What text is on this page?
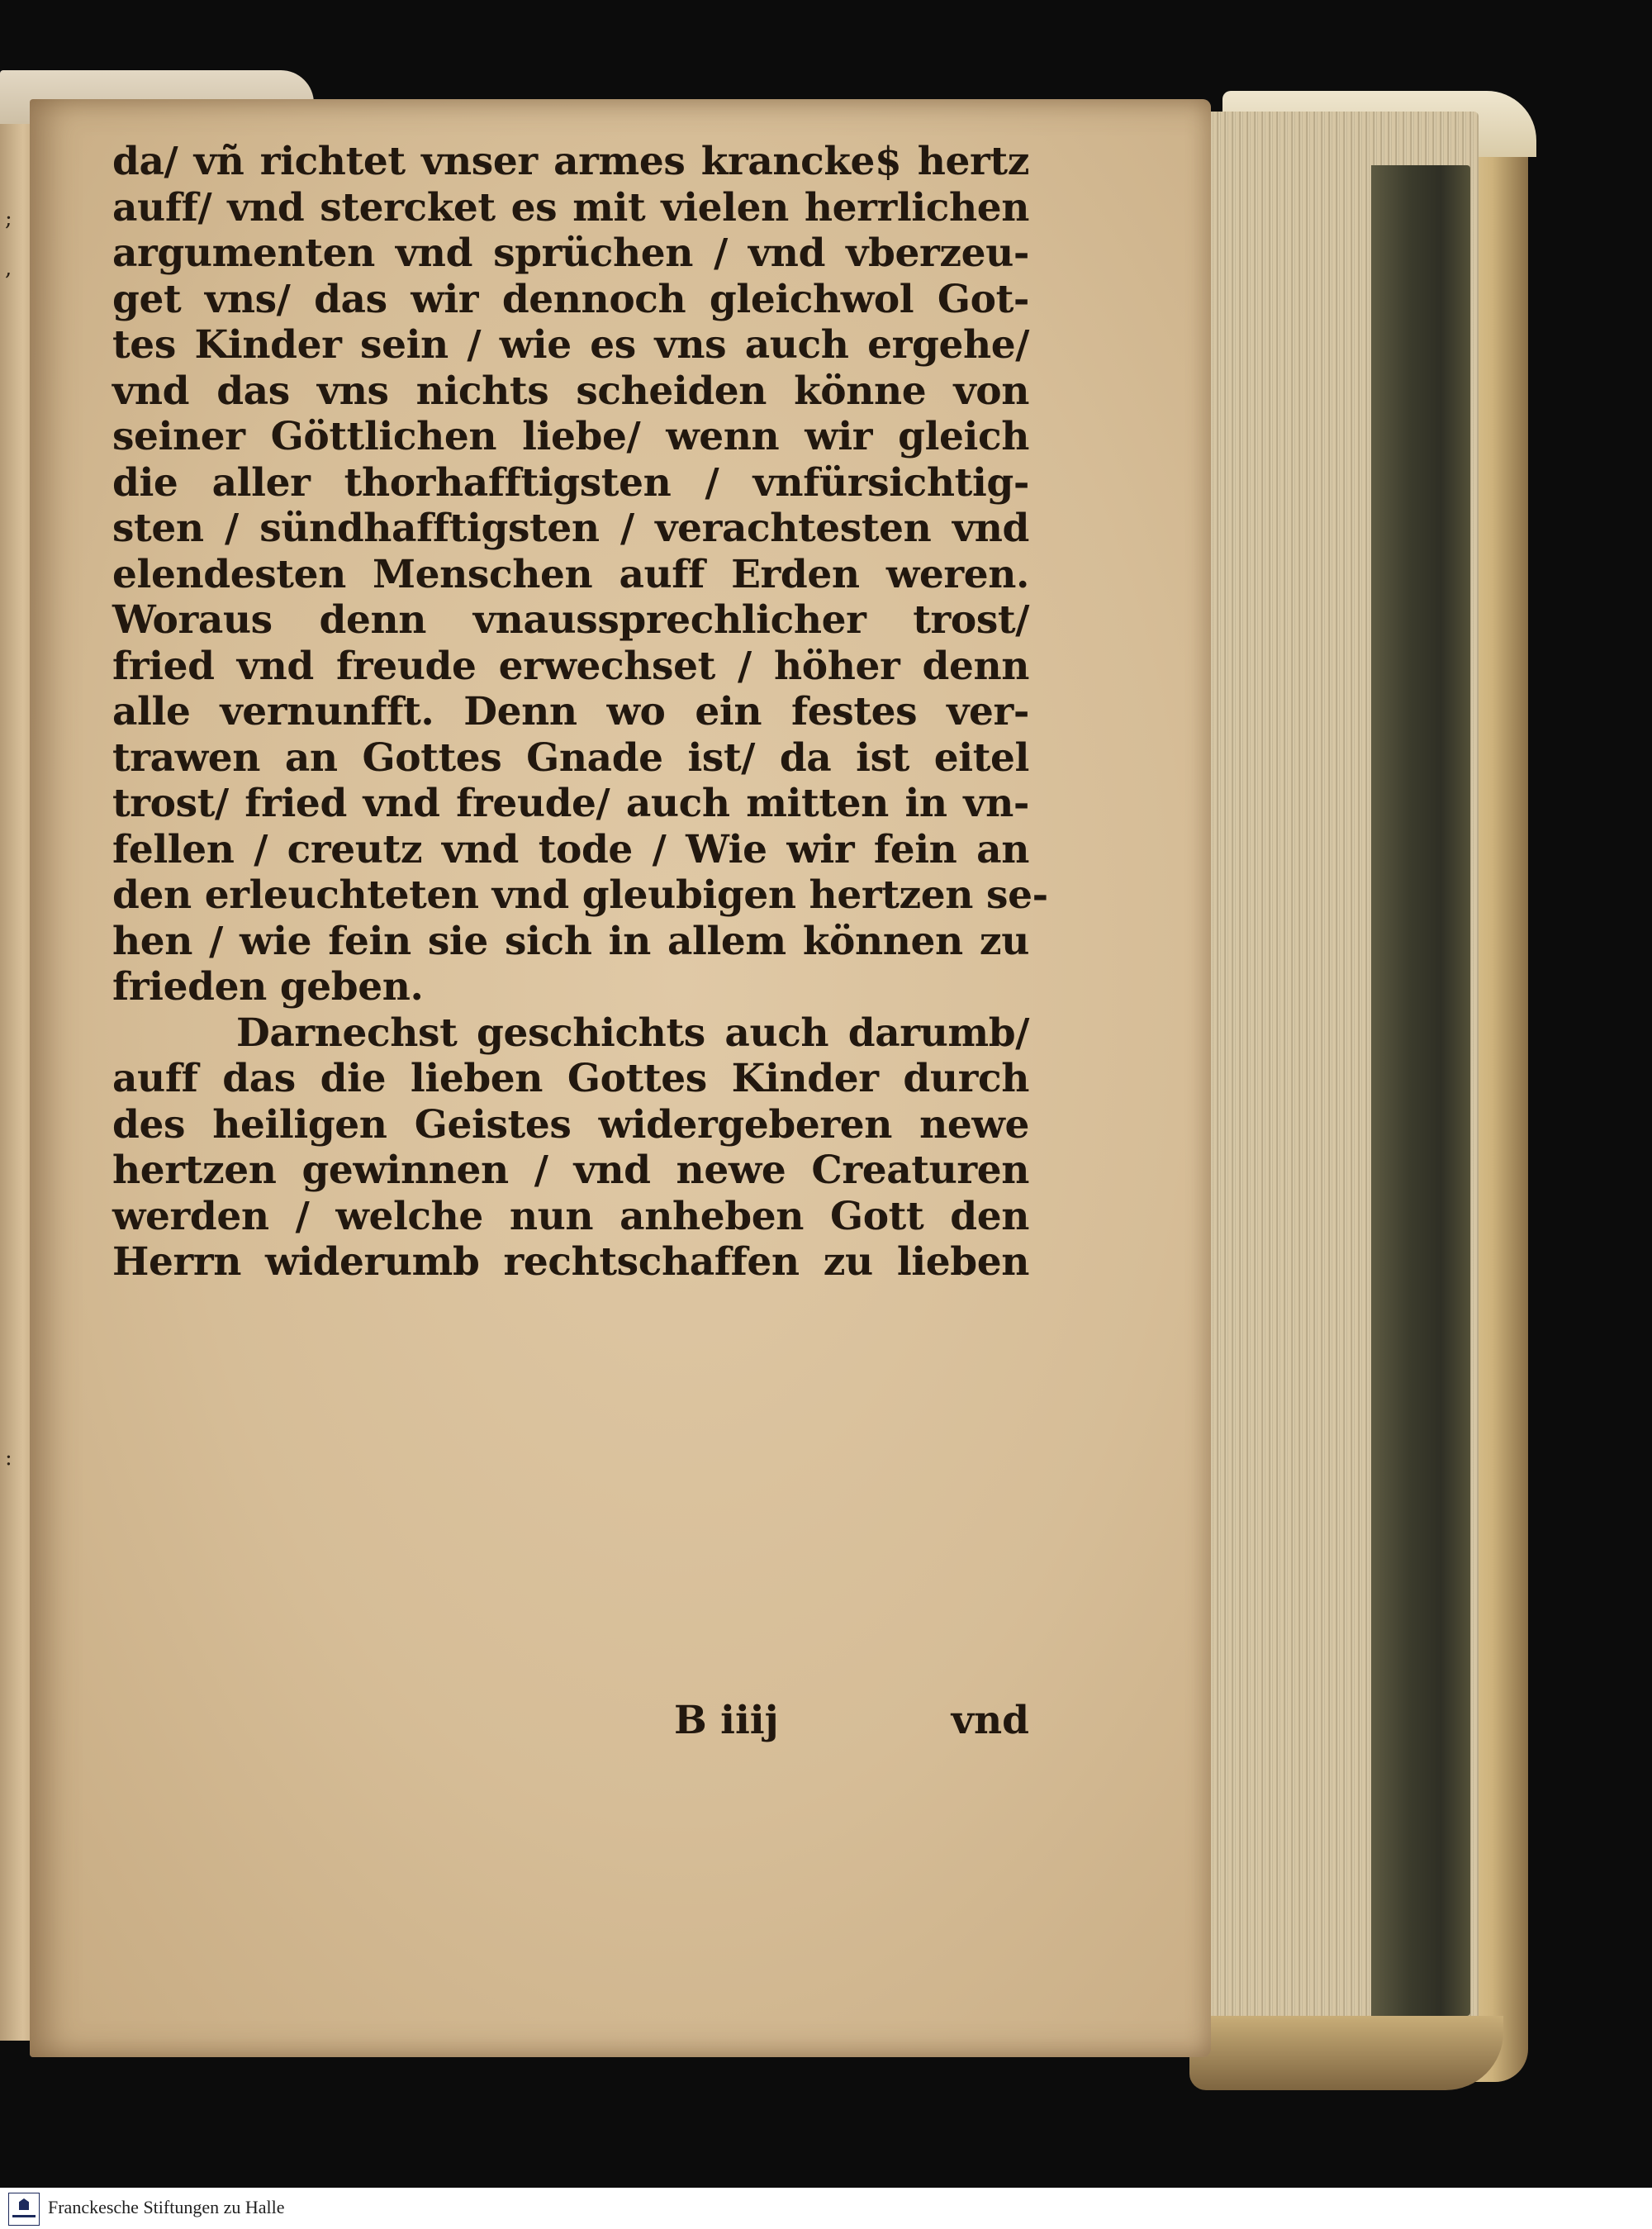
;
,
:
da/ vñ richtet vnser armes krancke$ hertz
auff/ vnd stercket es mit vielen herrlichen
argumenten vnd sprüchen / vnd vberzeu-
get vns/ das wir dennoch gleichwol Got-
tes Kinder sein / wie es vns auch ergehe/
vnd das vns nichts scheiden könne von
seiner Göttlichen liebe/ wenn wir gleich
die aller thorhafftigsten / vnfürsichtig-
sten / sündhafftigsten / verachtesten vnd
elendesten Menschen auff Erden weren.
Woraus denn vnaussprechlicher trost/
fried vnd freude erwechset / höher denn
alle vernunfft. Denn wo ein festes ver-
trawen an Gottes Gnade ist/ da ist eitel
trost/ fried vnd freude/ auch mitten in vn-
fellen / creutz vnd tode / Wie wir fein an
den erleuchteten vnd gleubigen hertzen se-
hen / wie fein sie sich in allem können zu
frieden geben.
Darnechst geschichts auch darumb/
auff das die lieben Gottes Kinder durch
des heiligen Geistes widergeberen newe
hertzen gewinnen / vnd newe Creaturen
werden / welche nun anheben Gott den
Herrn widerumb rechtschaffen zu lieben
B iiij	vnd
Franckesche Stiftungen zu Halle
